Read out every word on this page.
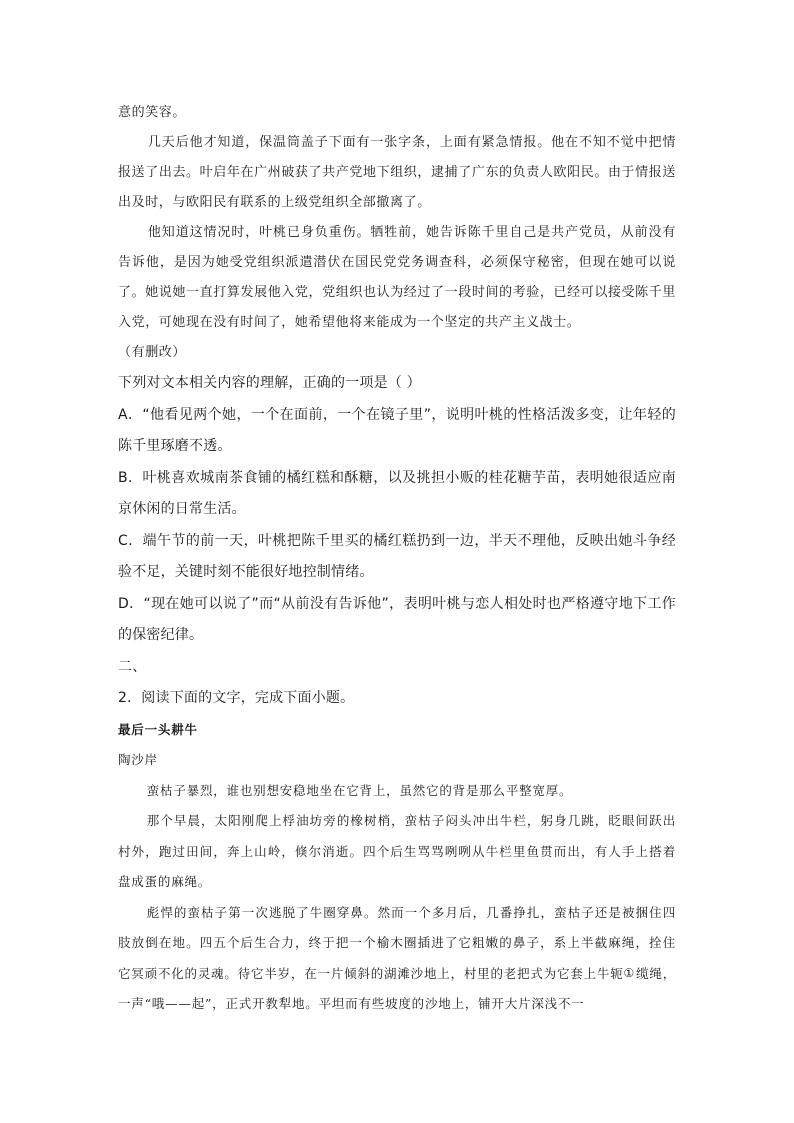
意的笑容。

几天后他才知道，保温筒盖子下面有一张字条，上面有紧急情报。他在不知不觉中把情报送了出去。叶启年在广州破获了共产党地下组织，逮捕了广东的负责人欧阳民。由于情报送出及时，与欧阳民有联系的上级党组织全部撤离了。

他知道这情况时，叶桃已身负重伤。牺牲前，她告诉陈千里自己是共产党员，从前没有告诉他，是因为她受党组织派遣潜伏在国民党党务调查科，必须保守秘密，但现在她可以说了。她说她一直打算发展他入党，党组织也认为经过了一段时间的考验，已经可以接受陈千里入党，可她现在没有时间了，她希望他将来能成为一个坚定的共产主义战士。

（有删改）

下列对文本相关内容的理解，正确的一项是（ ）

A．“他看见两个她，一个在面前，一个在镜子里”，说明叶桃的性格活泼多变，让年轻的陈千里琢磨不透。

B．叶桃喜欢城南茶食铺的橘红糕和酥糖，以及挑担小贩的桂花糖芋苗，表明她很适应南京休闲的日常生活。

C．端午节的前一天，叶桃把陈千里买的橘红糕扔到一边，半天不理他，反映出她斗争经验不足，关键时刻不能很好地控制情绪。

D．“现在她可以说了”而“从前没有告诉他”，表明叶桃与恋人相处时也严格遵守地下工作的保密纪律。

二、

2．阅读下面的文字，完成下面小题。

最后一头耕牛

陶沙岸

蛮枯子暴烈，谁也别想安稳地坐在它背上，虽然它的背是那么平整宽厚。

那个早晨，太阳刚爬上桴油坊旁的橡树梢，蛮枯子闷头冲出牛栏，躬身几跳，眨眼间跃出村外，跑过田间，奔上山岭，倏尔消逝。四个后生骂骂咧咧从牛栏里鱼贯而出，有人手上搭着盘成蛋的麻绳。

彪悍的蛮枯子第一次逃脱了牛圈穿鼻。然而一个多月后，几番挣扎，蛮枯子还是被捆住四肢放倒在地。四五个后生合力，终于把一个榆木圈插进了它粗嫩的鼻子，系上半截麻绳，拴住它冥顽不化的灵魂。待它半岁，在一片倾斜的湖滩沙地上，村里的老把式为它套上牛轭①缆绳，一声“哦——起”，正式开教犁地。平坦而有些坡度的沙地上，铺开大片深浅不一
